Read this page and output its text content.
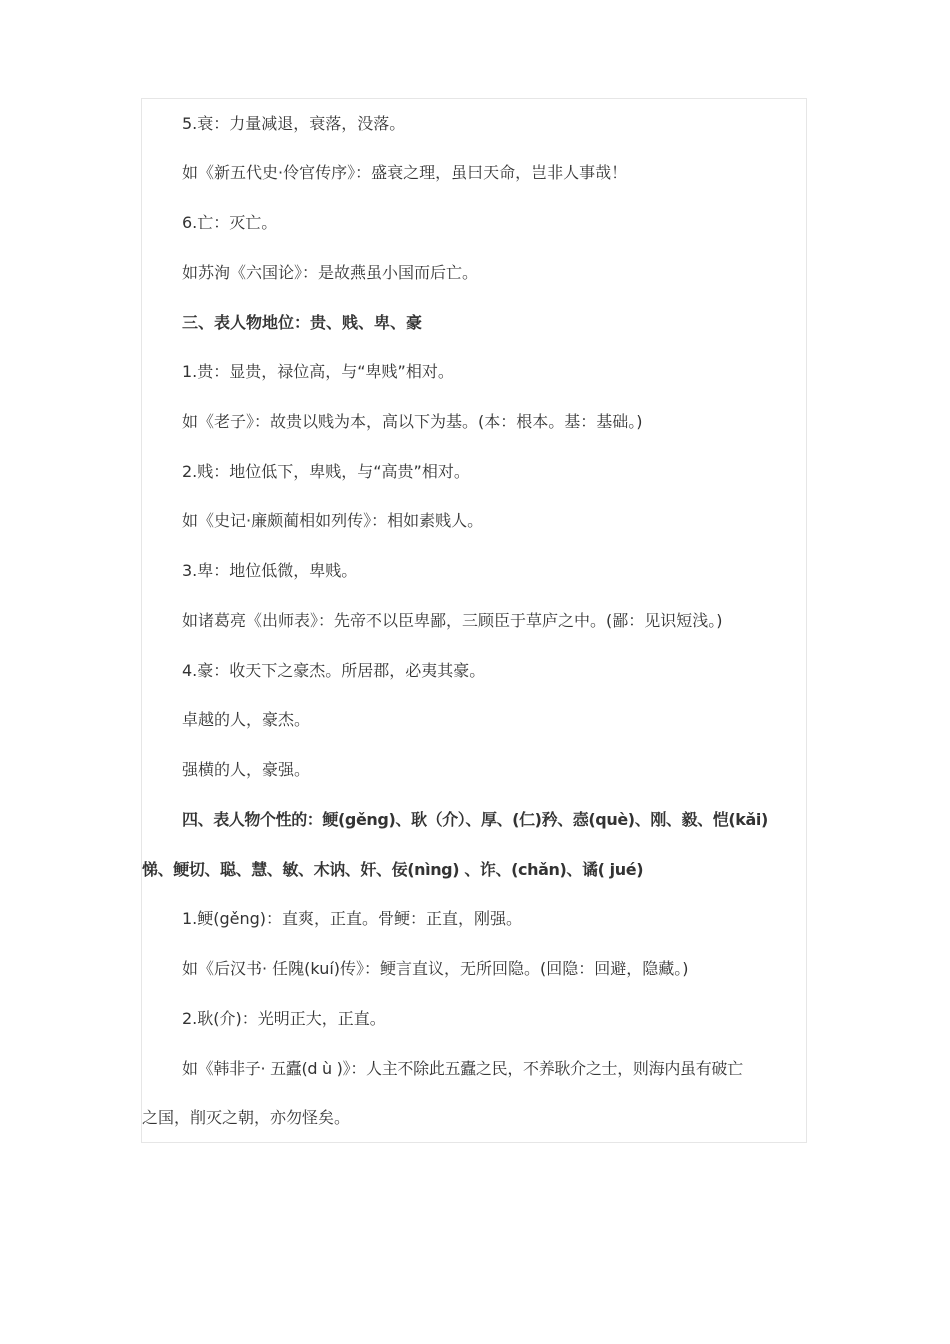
5.衰：力量减退，衰落，没落。
如《新五代史·伶官传序》：盛衰之理，虽曰天命，岂非人事哉！
6.亡：灭亡。
如苏洵《六国论》：是故燕虽小国而后亡。
三、表人物地位：贵、贱、卑、豪
1.贵：显贵，禄位高，与“卑贱”相对。
如《老子》：故贵以贱为本，高以下为基。(本：根本。基：基础。)
2.贱：地位低下，卑贱，与“高贵”相对。
如《史记·廉颇蔺相如列传》：相如素贱人。
3.卑：地位低微，卑贱。
如诸葛亮《出师表》：先帝不以臣卑鄙，三顾臣于草庐之中。(鄙：见识短浅。)
4.豪：收天下之豪杰。所居郡，必夷其豪。
卓越的人，豪杰。
强横的人，豪强。
四、表人物个性的：鲠(gěng)、耿（介）、厚、(仁)矜、悫(què)、刚、毅、恺(kǎi)
悌、鲠切、聪、慧、敏、木讷、奸、佞(nìng) 、诈、(chǎn)、谲( jué)
1.鲠(gěng)：直爽，正直。骨鲠：正直，刚强。
如《后汉书· 任隗(kuí)传》：鲠言直议，无所回隐。(回隐：回避，隐藏。)
2.耿(介)：光明正大，正直。
如《韩非子· 五蠹(d ù )》：人主不除此五蠹之民，不养耿介之士，则海内虽有破亡
之国，削灭之朝，亦勿怪矣。
